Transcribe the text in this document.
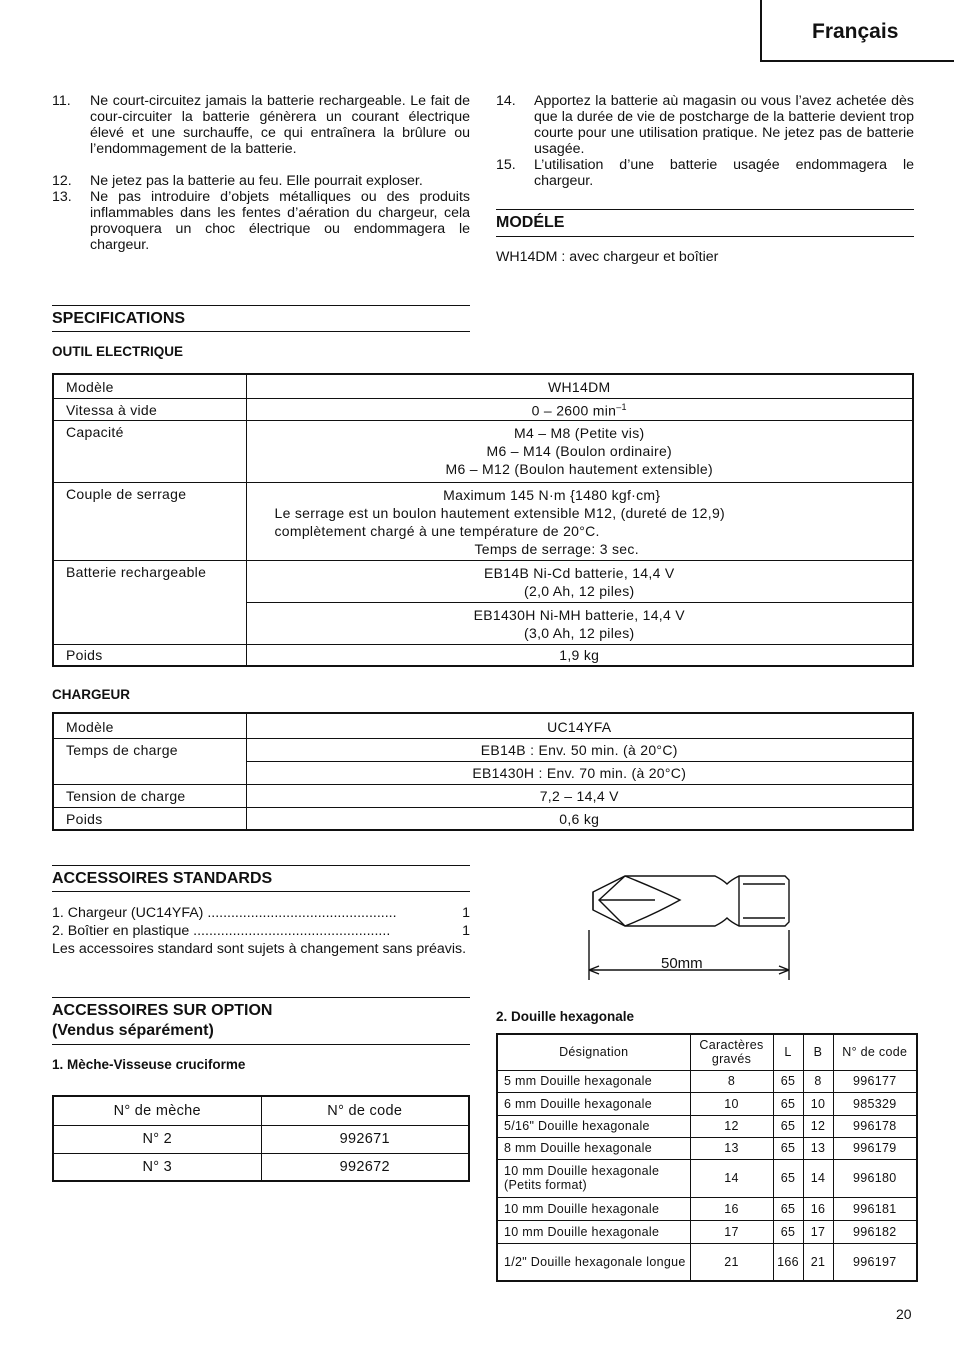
Français
11. Ne court-circuitez jamais la batterie rechargeable. Le fait de cour-circuiter la batterie génèrera un courant électrique élevé et une surchauffe, ce qui entraînera la brûlure ou l’endommagement de la batterie.
12. Ne jetez pas la batterie au feu. Elle pourrait exploser.
13. Ne pas introduire d’objets métalliques ou des produits inflammables dans les fentes d’aération du chargeur, cela provoquera un choc électrique ou endommagera le chargeur.
14. Apportez la batterie aù magasin ou vous l’avez achetée dès que la durée de vie de postcharge de la batterie devient trop courte pour une utilisation pratique. Ne jetez pas de batterie usagée.
15. L’utilisation d’une batterie usagée endommagera le chargeur.
MODÉLE
WH14DM : avec chargeur et boîtier
SPECIFICATIONS
OUTIL ELECTRIQUE
Modèle	WH14DM
Vitessa à vide	0 – 2600 $\min^{-1}$
Capacité	M4 – M8 (Petite vis)
M6 – M14 (Boulon ordinaire)
M6 – M12 (Boulon hautement extensible)

Couple de serrage	Maximum 145 N·m {1480 kgf·cm}
Le serrage est un boulon hautement extensible M12, (dureté de 12,9)
complètement chargé à une température de 20°C.
Temps de serrage: 3 sec.

Batterie rechargeable	EB14B Ni-Cd batterie, 14,4 V
(2,0 Ah, 12 piles)

	EB1430H Ni-MH batterie, 14,4 V
(3,0 Ah, 12 piles)

Poids	1,9 kg
CHARGEUR
Modèle	UC14YFA
Temps de charge	EB14B : Env. 50 min. (à 20°C)
	EB1430H : Env. 70 min. (à 20°C)
Tension de charge	7,2 – 14,4 V
Poids	0,6 kg
ACCESSOIRES STANDARDS
1. Chargeur (UC14YFA) ................................................	1
2. Boîtier en plastique ..................................................	1
Les accessoires standard sont sujets à changement sans préavis.
ACCESSOIRES SUR OPTION
(Vendus séparément)
1. Mèche-Visseuse cruciforme
N° de mèche	N° de code
N° 2	992671
N° 3	992672
50mm
2. Douille hexagonale
Désignation	Caractères gravés	L	B	N° de code
5 mm Douille hexagonale	8	65	8	996177
6 mm Douille hexagonale	10	65	10	985329
5/16" Douille hexagonale	12	65	12	996178
8 mm Douille hexagonale	13	65	13	996179
10 mm Douille hexagonale (Petits format)	14	65	14	996180
10 mm Douille hexagonale	16	65	16	996181
10 mm Douille hexagonale	17	65	17	996182
1/2" Douille hexagonale longue	21	166	21	996197
20
